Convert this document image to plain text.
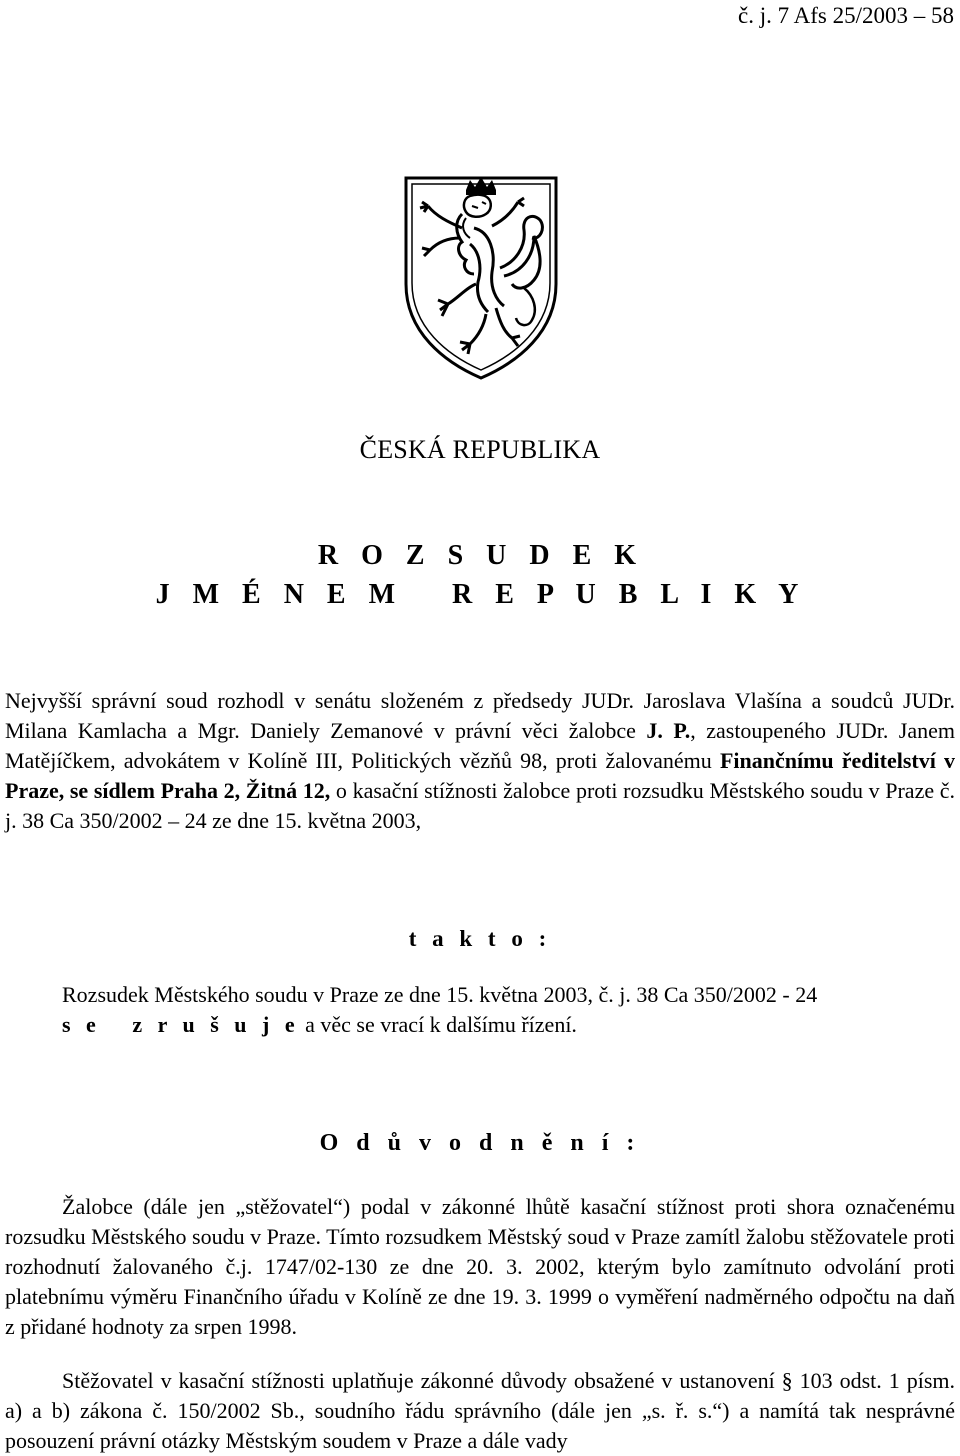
č. j. 7 Afs 25/2003 – 58
ČESKÁ REPUBLIKA
R O Z S U D E K
J M É N E M   R E P U B L I K Y
Nejvyšší správní soud rozhodl v senátu složeném z předsedy JUDr. Jaroslava Vlašína a soudců JUDr. Milana Kamlacha a Mgr. Daniely Zemanové v právní věci žalobce J. P., zastoupeného JUDr. Janem Matějíčkem, advokátem v Kolíně III, Politických vězňů 98, proti žalovanému Finančnímu ředitelství v Praze, se sídlem Praha 2, Žitná 12, o kasační stížnosti žalobce proti rozsudku Městského soudu v Praze č. j. 38 Ca 350/2002 – 24 ze dne 15. května 2003,
t a k t o :
Rozsudek Městského soudu v Praze ze dne 15. května 2003, č. j. 38 Ca 350/2002 - 24
s e   z r u š u j e a věc se vrací k dalšímu řízení.
O d ů v o d n ě n í :
Žalobce (dále jen „stěžovatel“) podal v zákonné lhůtě kasační stížnost proti shora označenému rozsudku Městského soudu v Praze. Tímto rozsudkem Městský soud v Praze zamítl žalobu stěžovatele proti rozhodnutí žalovaného č.j. 1747/02-130 ze dne 20. 3. 2002, kterým bylo zamítnuto odvolání proti platebnímu výměru Finančního úřadu v Kolíně ze dne 19. 3. 1999 o vyměření nadměrného odpočtu na daň z přidané hodnoty za srpen 1998.
Stěžovatel v kasační stížnosti uplatňuje zákonné důvody obsažené v ustanovení § 103 odst. 1 písm. a) a b) zákona č. 150/2002 Sb., soudního řádu správního (dále jen „s. ř. s.“) a namítá tak nesprávné posouzení právní otázky Městským soudem v Praze a dále vady
